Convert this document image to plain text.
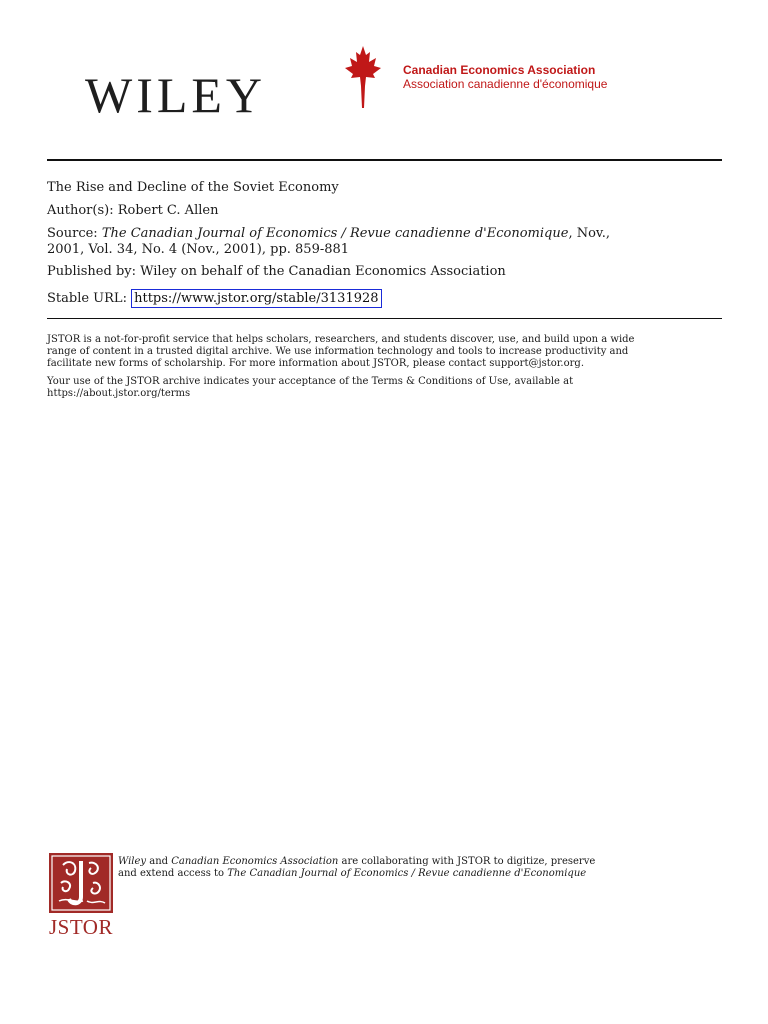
WILEY	Canadian Economics Association
Association canadienne d'économique
The Rise and Decline of the Soviet Economy
Author(s): Robert C. Allen
Source: The Canadian Journal of Economics / Revue canadienne d'Economique, Nov.,
2001, Vol. 34, No. 4 (Nov., 2001), pp. 859-881
Published by: Wiley on behalf of the Canadian Economics Association
Stable URL: https://www.jstor.org/stable/3131928
JSTOR is a not-for-profit service that helps scholars, researchers, and students discover, use, and build upon a wide
range of content in a trusted digital archive. We use information technology and tools to increase productivity and
facilitate new forms of scholarship. For more information about JSTOR, please contact support@jstor.org.
Your use of the JSTOR archive indicates your acceptance of the Terms & Conditions of Use, available at
https://about.jstor.org/terms
JSTOR
Wiley and Canadian Economics Association are collaborating with JSTOR to digitize, preserve
and extend access to The Canadian Journal of Economics / Revue canadienne d'Economique
